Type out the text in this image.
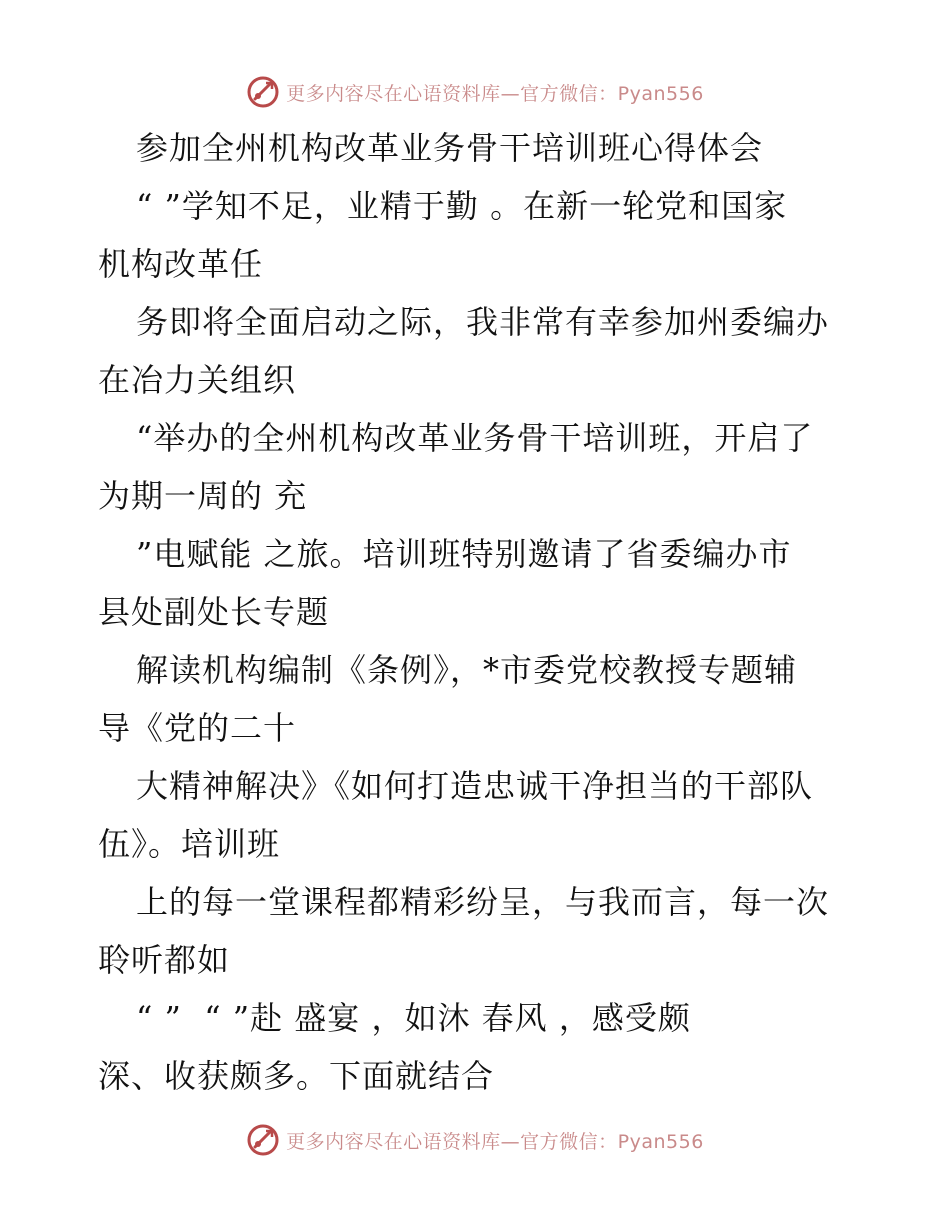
更多内容尽在心语资料库—官方微信：Pyan556
参加全州机构改革业务骨干培训班心得体会
“ ”学知不足，业精于勤 。在新一轮党和国家
机构改革任
务即将全面启动之际，我非常有幸参加州委编办
在冶力关组织
“举办的全州机构改革业务骨干培训班，开启了
为期一周的 充
”电赋能 之旅。培训班特别邀请了省委编办市
县处副处长专题
解读机构编制《条例》，*市委党校教授专题辅
导《党的二十
大精神解决》《如何打造忠诚干净担当的干部队
伍》。培训班
上的每一堂课程都精彩纷呈，与我而言，每一次
聆听都如
“ ”  “ ”赴 盛宴 ，如沐 春风 ，感受颇
深、收获颇多。下面就结合
更多内容尽在心语资料库—官方微信：Pyan556
